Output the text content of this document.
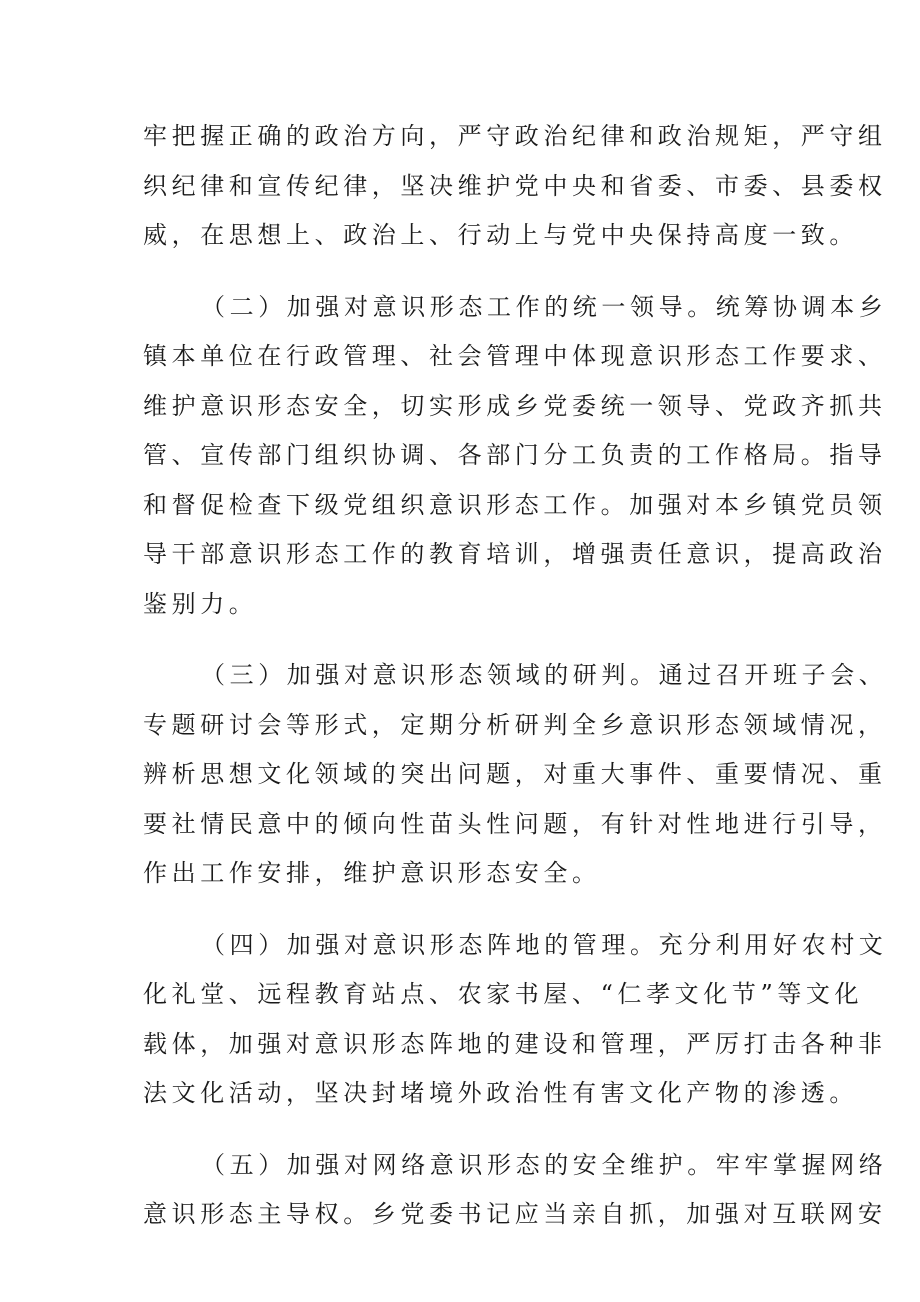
牢把握正确的政治方向，严守政治纪律和政治规矩，严守组
织纪律和宣传纪律，坚决维护党中央和省委、市委、县委权
威，在思想上、政治上、行动上与党中央保持高度一致。
（二）加强对意识形态工作的统一领导。统筹协调本乡
镇本单位在行政管理、社会管理中体现意识形态工作要求、
维护意识形态安全，切实形成乡党委统一领导、党政齐抓共
管、宣传部门组织协调、各部门分工负责的工作格局。指导
和督促检查下级党组织意识形态工作。加强对本乡镇党员领
导干部意识形态工作的教育培训，增强责任意识，提高政治
鉴别力。
（三）加强对意识形态领域的研判。通过召开班子会、
专题研讨会等形式，定期分析研判全乡意识形态领域情况，
辨析思想文化领域的突出问题，对重大事件、重要情况、重
要社情民意中的倾向性苗头性问题，有针对性地进行引导，
作出工作安排，维护意识形态安全。
（四）加强对意识形态阵地的管理。充分利用好农村文
化礼堂、远程教育站点、农家书屋、“仁孝文化节”等文化
载体，加强对意识形态阵地的建设和管理，严厉打击各种非
法文化活动，坚决封堵境外政治性有害文化产物的渗透。
（五）加强对网络意识形态的安全维护。牢牢掌握网络
意识形态主导权。乡党委书记应当亲自抓，加强对互联网安
